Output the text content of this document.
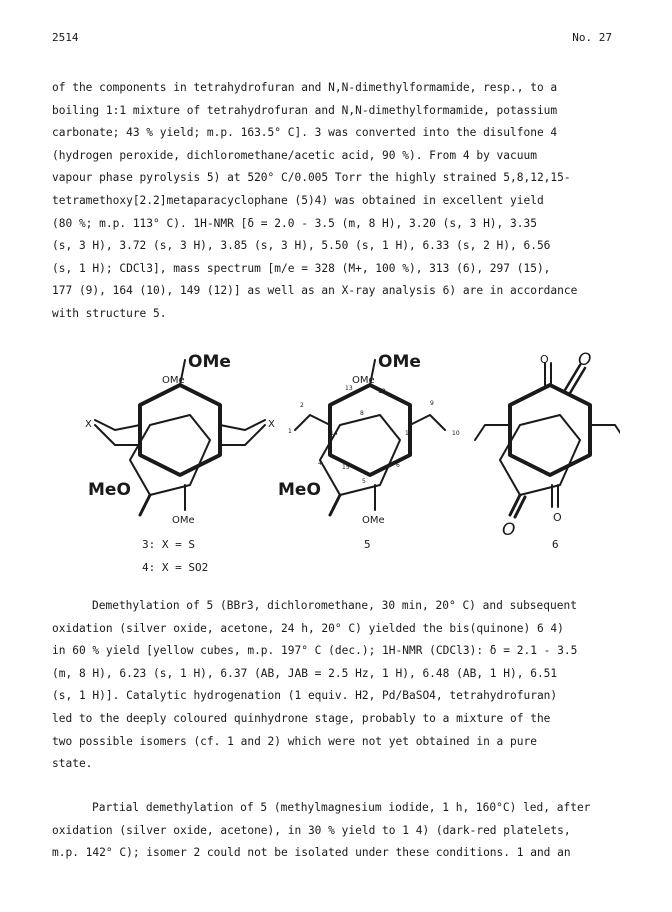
2514	No. 27
of the components in tetrahydrofuran and N,N-dimethylformamide, resp., to a
boiling 1:1 mixture of tetrahydrofuran and N,N-dimethylformamide, potassium
carbonate; 43 % yield; m.p. 163.5° C]. 3 was converted into the disulfone 4
(hydrogen peroxide, dichloromethane/acetic acid, 90 %). From 4 by vacuum
vapour phase pyrolysis 5) at 520° C/0.005 Torr the highly strained 5,8,12,15-
tetramethoxy[2.2]metaparacyclophane (5)4) was obtained in excellent yield
(80 %; m.p. 113° C). 1H-NMR [δ = 2.0 - 3.5 (m, 8 H), 3.20 (s, 3 H), 3.35
(s, 3 H), 3.72 (s, 3 H), 3.85 (s, 3 H), 5.50 (s, 1 H), 6.33 (s, 2 H), 6.56
(s, 1 H); CDCl3], mass spectrum [m/e = 328 (M+, 100 %), 313 (6), 297 (15),
177 (9), 164 (10), 149 (12)] as well as an X-ray analysis 6) are in accordance
with structure 5.
OMe
OMe
MeO
OMe
X	X
OMe
OMe
MeO
OMe
1
2
13	12
14	11
9
10
4
15
5
6
8
O O
O
O
3: X = S
4: X = SO2
5	6
Demethylation of 5 (BBr3, dichloromethane, 30 min, 20° C) and subsequent
oxidation (silver oxide, acetone, 24 h, 20° C) yielded the bis(quinone) 6 4)
in 60 % yield [yellow cubes, m.p. 197° C (dec.); 1H-NMR (CDCl3): δ = 2.1 - 3.5
(m, 8 H), 6.23 (s, 1 H), 6.37 (AB, JAB = 2.5 Hz, 1 H), 6.48 (AB, 1 H), 6.51
(s, 1 H)]. Catalytic hydrogenation (1 equiv. H2, Pd/BaSO4, tetrahydrofuran)
led to the deeply coloured quinhydrone stage, probably to a mixture of the
two possible isomers (cf. 1 and 2) which were not yet obtained in a pure
state.
Partial demethylation of 5 (methylmagnesium iodide, 1 h, 160°C) led, after
oxidation (silver oxide, acetone), in 30 % yield to 1 4) (dark-red platelets,
m.p. 142° C); isomer 2 could not be isolated under these conditions. 1 and an
